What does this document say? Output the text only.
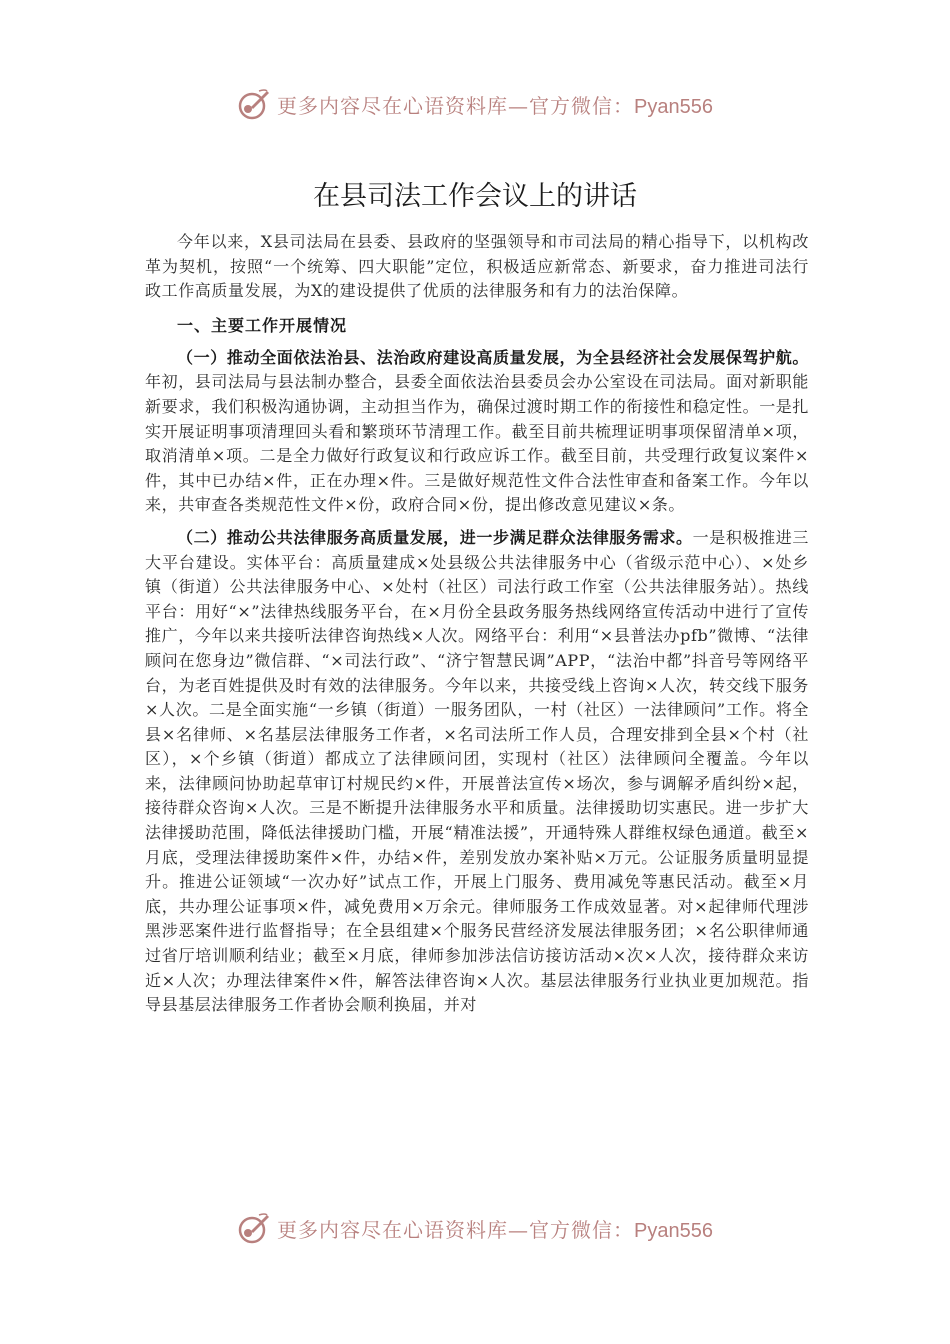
更多内容尽在心语资料库—官方微信：Pyan556
在县司法工作会议上的讲话

今年以来，X县司法局在县委、县政府的坚强领导和市司法局的精心指导下，以机构改革为契机，按照“一个统筹、四大职能”定位，积极适应新常态、新要求，奋力推进司法行政工作高质量发展，为X的建设提供了优质的法律服务和有力的法治保障。

一、主要工作开展情况

（一）推动全面依法治县、法治政府建设高质量发展，为全县经济社会发展保驾护航。年初，县司法局与县法制办整合，县委全面依法治县委员会办公室设在司法局。面对新职能新要求，我们积极沟通协调，主动担当作为，确保过渡时期工作的衔接性和稳定性。一是扎实开展证明事项清理回头看和繁琐环节清理工作。截至目前共梳理证明事项保留清单×项，取消清单×项。二是全力做好行政复议和行政应诉工作。截至目前，共受理行政复议案件×件，其中已办结×件，正在办理×件。三是做好规范性文件合法性审查和备案工作。今年以来，共审查各类规范性文件×份，政府合同×份，提出修改意见建议×条。

（二）推动公共法律服务高质量发展，进一步满足群众法律服务需求。一是积极推进三大平台建设。实体平台：高质量建成×处县级公共法律服务中心（省级示范中心）、×处乡镇（街道）公共法律服务中心、×处村（社区）司法行政工作室（公共法律服务站）。热线平台：用好“×”法律热线服务平台，在×月份全县政务服务热线网络宣传活动中进行了宣传推广，今年以来共接听法律咨询热线×人次。网络平台：利用“×县普法办pfb”微博、“法律顾问在您身边”微信群、“×司法行政”、“济宁智慧民调”APP，“法治中都”抖音号等网络平台，为老百姓提供及时有效的法律服务。今年以来，共接受线上咨询×人次，转交线下服务×人次。二是全面实施“一乡镇（街道）一服务团队，一村（社区）一法律顾问”工作。将全县×名律师、×名基层法律服务工作者，×名司法所工作人员，合理安排到全县×个村（社区），×个乡镇（街道）都成立了法律顾问团，实现村（社区）法律顾问全覆盖。今年以来，法律顾问协助起草审订村规民约×件，开展普法宣传×场次，参与调解矛盾纠纷×起，接待群众咨询×人次。三是不断提升法律服务水平和质量。法律援助切实惠民。进一步扩大法律援助范围，降低法律援助门槛，开展“精准法援”，开通特殊人群维权绿色通道。截至×月底，受理法律援助案件×件，办结×件，差别发放办案补贴×万元。公证服务质量明显提升。推进公证领域“一次办好”试点工作，开展上门服务、费用减免等惠民活动。截至×月底，共办理公证事项×件，减免费用×万余元。律师服务工作成效显著。对×起律师代理涉黑涉恶案件进行监督指导；在全县组建×个服务民营经济发展法律服务团；×名公职律师通过省厅培训顺利结业；截至×月底，律师参加涉法信访接访活动×次×人次，接待群众来访近×人次；办理法律案件×件，解答法律咨询×人次。基层法律服务行业执业更加规范。指导县基层法律服务工作者协会顺利换届，并对

更多内容尽在心语资料库—官方微信：Pyan556
